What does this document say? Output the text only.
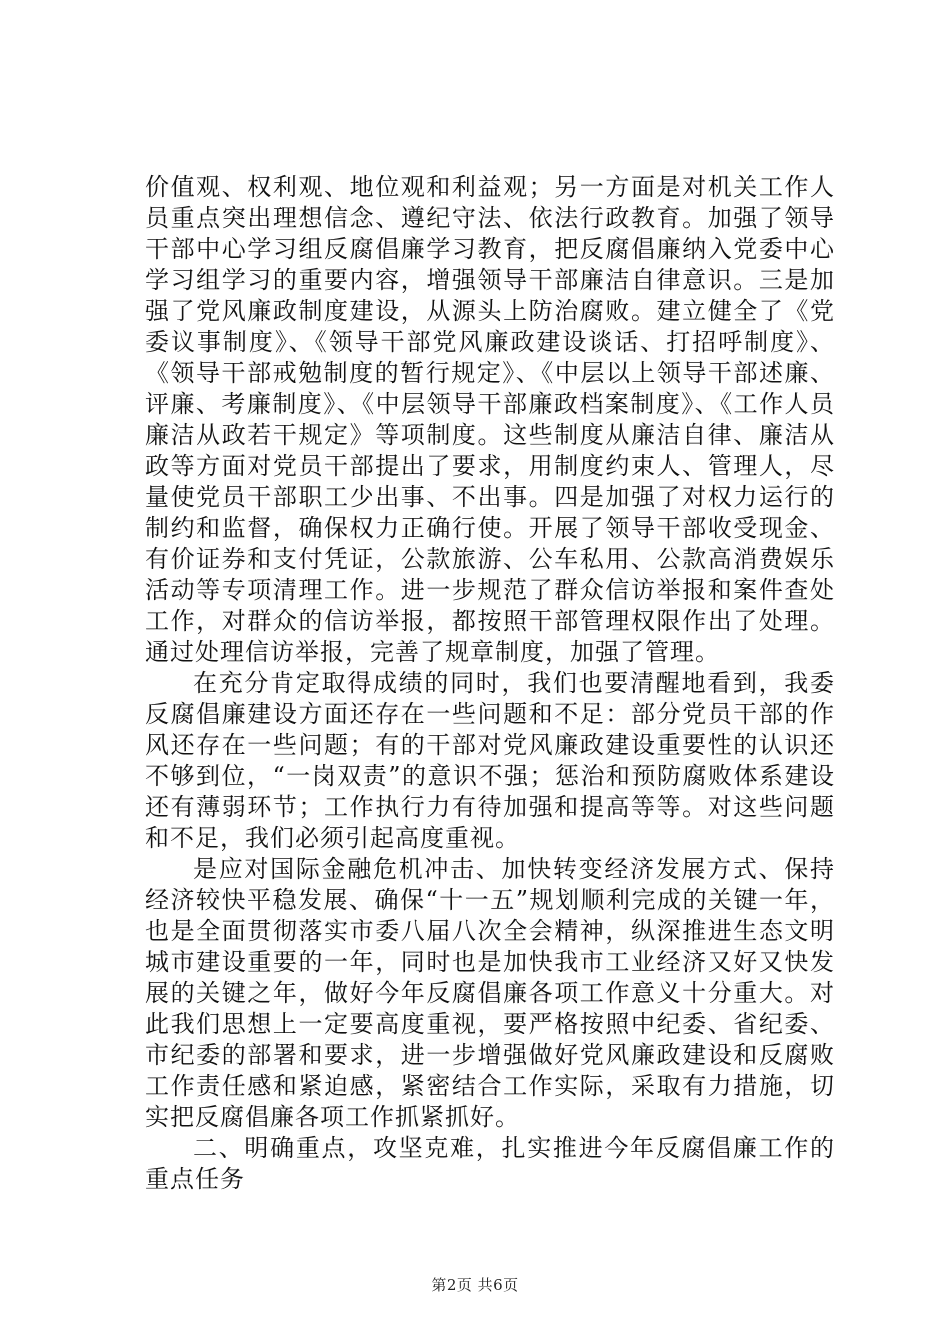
价值观、权利观、地位观和利益观；另一方面是对机关工作人员重点突出理想信念、遵纪守法、依法行政教育。加强了领导干部中心学习组反腐倡廉学习教育，把反腐倡廉纳入党委中心学习组学习的重要内容，增强领导干部廉洁自律意识。三是加强了党风廉政制度建设，从源头上防治腐败。建立健全了《党委议事制度》、《领导干部党风廉政建设谈话、打招呼制度》、《领导干部戒勉制度的暂行规定》、《中层以上领导干部述廉、评廉、考廉制度》、《中层领导干部廉政档案制度》、《工作人员廉洁从政若干规定》等项制度。这些制度从廉洁自律、廉洁从政等方面对党员干部提出了要求，用制度约束人、管理人，尽量使党员干部职工少出事、不出事。四是加强了对权力运行的制约和监督，确保权力正确行使。开展了领导干部收受现金、有价证券和支付凭证，公款旅游、公车私用、公款高消费娱乐活动等专项清理工作。进一步规范了群众信访举报和案件查处工作，对群众的信访举报，都按照干部管理权限作出了处理。通过处理信访举报，完善了规章制度，加强了管理。

在充分肯定取得成绩的同时，我们也要清醒地看到，我委反腐倡廉建设方面还存在一些问题和不足：部分党员干部的作风还存在一些问题；有的干部对党风廉政建设重要性的认识还不够到位，“一岗双责”的意识不强；惩治和预防腐败体系建设还有薄弱环节；工作执行力有待加强和提高等等。对这些问题和不足，我们必须引起高度重视。

是应对国际金融危机冲击、加快转变经济发展方式、保持经济较快平稳发展、确保“十一五”规划顺利完成的关键一年，也是全面贯彻落实市委八届八次全会精神，纵深推进生态文明城市建设重要的一年，同时也是加快我市工业经济又好又快发展的关键之年，做好今年反腐倡廉各项工作意义十分重大。对此我们思想上一定要高度重视，要严格按照中纪委、省纪委、市纪委的部署和要求，进一步增强做好党风廉政建设和反腐败工作责任感和紧迫感，紧密结合工作实际，采取有力措施，切实把反腐倡廉各项工作抓紧抓好。

二、明确重点，攻坚克难，扎实推进今年反腐倡廉工作的重点任务

第2页 共6页
